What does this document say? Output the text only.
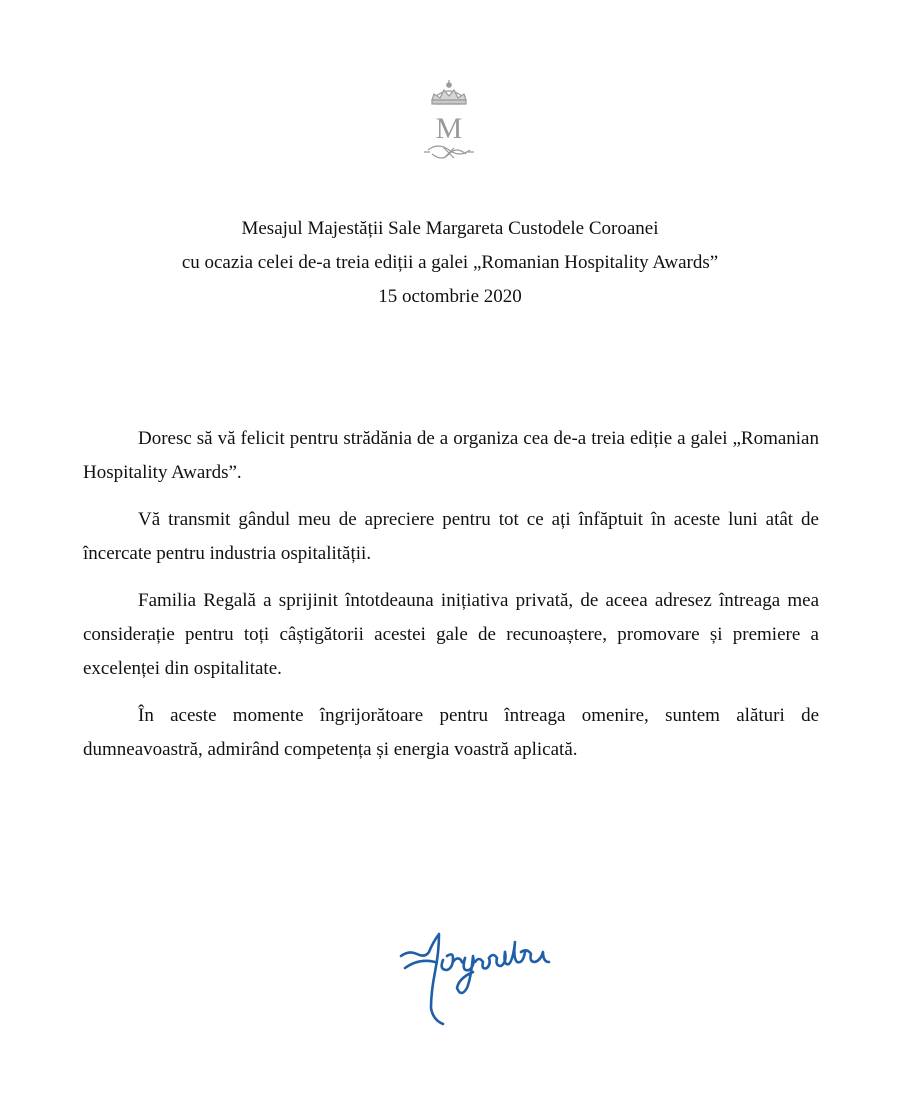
M
Mesajul Majestății Sale Margareta Custodele Coroanei
cu ocazia celei de-a treia ediții a galei „Romanian Hospitality Awards”
15 octombrie 2020

Doresc să vă felicit pentru strădănia de a organiza cea de-a treia ediție a galei „Romanian Hospitality Awards”.

Vă transmit gândul meu de apreciere pentru tot ce ați înfăptuit în aceste luni atât de încercate pentru industria ospitalității.

Familia Regală a sprijinit întotdeauna inițiativa privată, de aceea adresez întreaga mea considerație pentru toți câștigătorii acestei gale de recunoaștere, promovare și premiere a excelenței din ospitalitate.

În aceste momente îngrijorătoare pentru întreaga omenire, suntem alături de dumneavoastră, admirând competența și energia voastră aplicată.
